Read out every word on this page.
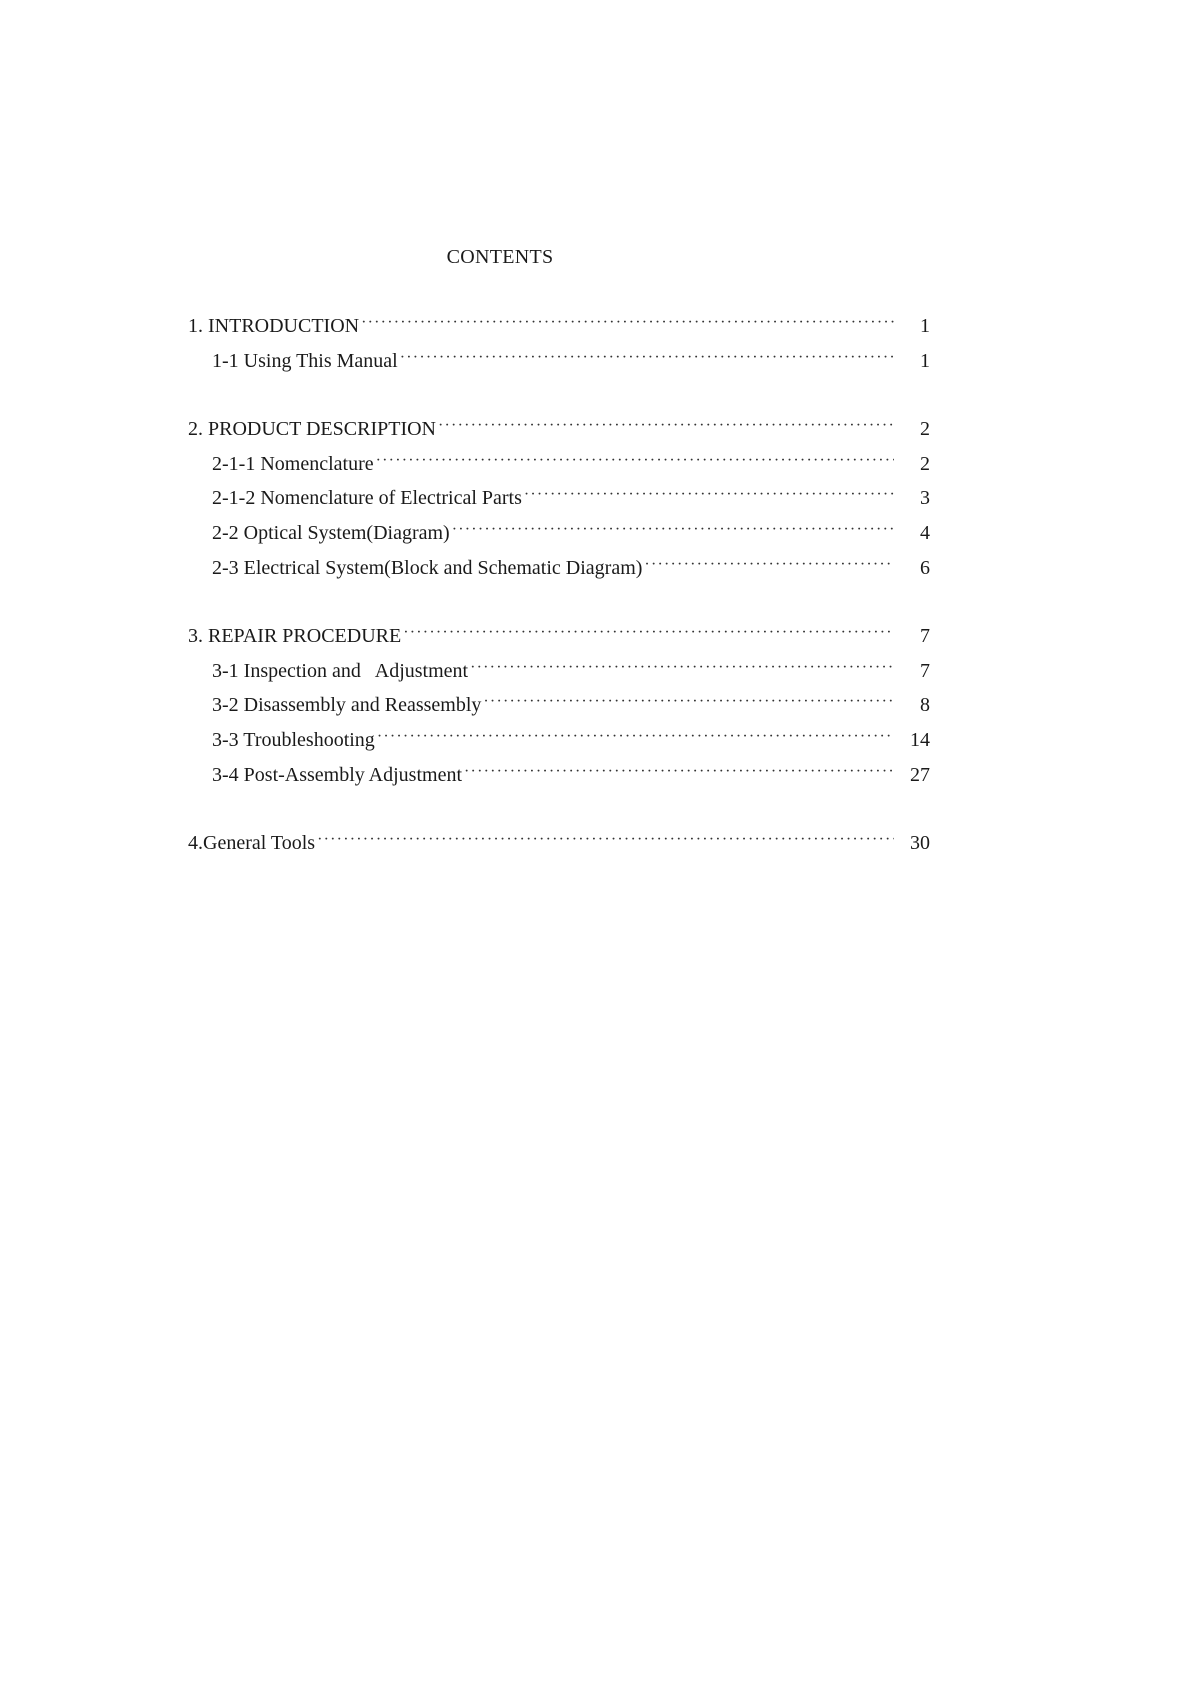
CONTENTS
1. INTRODUCTION ·····	1
1-1 Using This Manual ·····	1
2. PRODUCT DESCRIPTION ·····	2
2-1-1 Nomenclature ·····	2
2-1-2 Nomenclature of Electrical Parts ·····	3
2-2 Optical System(Diagram) ·····	4
2-3 Electrical System(Block and Schematic Diagram) ·····	6
3. REPAIR PROCEDURE ·····	7
3-1 Inspection and   Adjustment ·····	7
3-2 Disassembly and Reassembly ·····	8
3-3 Troubleshooting ·····	14
3-4 Post-Assembly Adjustment ·····	27
4.General Tools ·····	30
